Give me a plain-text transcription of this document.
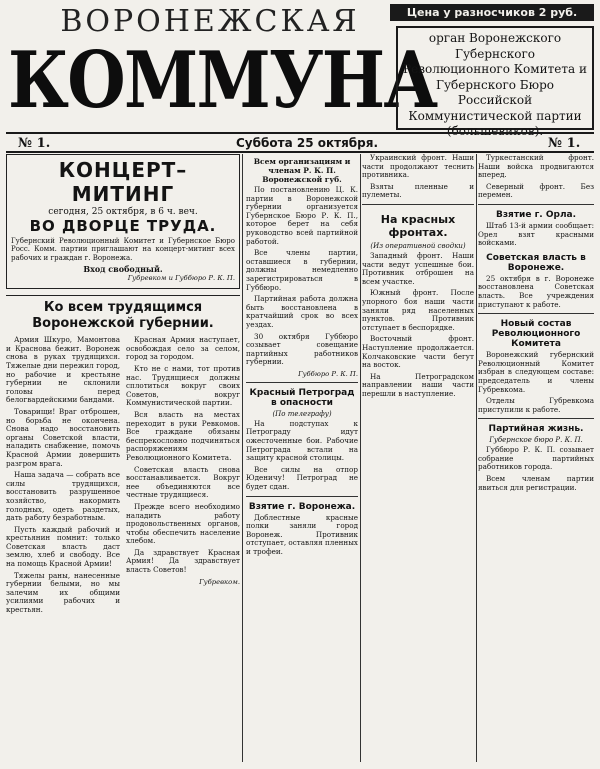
ВОРОНЕЖСКАЯ
КОММУНА
Цена у разносчиков 2 руб.
орган Воронежского Губернского Революционного Комитета и Губернского Бюро Российской Коммунистической партии (большевиков).
№ 1.	Суббота 25 октября.	№ 1.
КОНЦЕРТ–МИТИНГ
сегодня, 25 октября, в 6 ч. веч.
ВО ДВОРЦЕ ТРУДА.
Губернский Революционный Комитет и Губернское Бюро Росс. Комм. партии приглашают на концерт-митинг всех рабочих и граждан г. Воронежа.
Вход свободный.
Губревком и Губбюро Р. К. П.
Ко всем трудящимся Воронежской губернии.

Армия Шкуро, Мамонтова и Краснова бежит. Воронеж снова в руках трудящихся. Тяжелые дни пережил город, но рабочие и крестьяне губернии не склонили головы перед белогвардейскими бандами.

Товарищи! Враг отброшен, но борьба не окончена. Снова надо восстановить органы Советской власти, наладить снабжение, помочь Красной Армии довершить разгром врага.

Наша задача — собрать все силы трудящихся, восстановить разрушенное хозяйство, накормить голодных, одеть раздетых, дать работу безработным.

Пусть каждый рабочий и крестьянин помнит: только Советская власть даст землю, хлеб и свободу. Все на помощь Красной Армии!

Тяжелы раны, нанесенные губернии белыми, но мы залечим их общими усилиями рабочих и крестьян.

Красная Армия наступает, освобождая село за селом, город за городом.

Кто не с нами, тот против нас. Трудящиеся должны сплотиться вокруг своих Советов, вокруг Коммунистической партии.

Вся власть на местах переходит в руки Ревкомов. Все граждане обязаны беспрекословно подчиняться распоряжениям Революционного Комитета.

Советская власть снова восстанавливается. Вокруг нее объединяются все честные трудящиеся.

Прежде всего необходимо наладить работу продовольственных органов, чтобы обеспечить население хлебом.

Да здравствует Красная Армия! Да здравствует власть Советов!

Губревком.
Всем организациям и членам Р. К. П. Воронежской губ.

По постановлению Ц. К. партии в Воронежской губернии организуется Губернское Бюро Р. К. П., которое берет на себя руководство всей партийной работой.

Все члены партии, оставшиеся в губернии, должны немедленно зарегистрироваться в Губбюро.

Партийная работа должна быть восстановлена в кратчайший срок во всех уездах.

30 октября Губбюро созывает совещание партийных работников губернии.

Губбюро Р. К. П.
Красный Петроград в опасности
(По телеграфу)

На подступах к Петрограду идут ожесточенные бои. Рабочие Петрограда встали на защиту красной столицы.

Все силы на отпор Юденичу! Петроград не будет сдан.

Взятие г. Воронежа.

Доблестные красные полки заняли город Воронеж. Противник отступает, оставляя пленных и трофеи.

Украинский фронт. Наши части продолжают теснить противника.

Взяты пленные и пулеметы.

На красных фронтах.
(Из оперативной сводки)

Западный фронт. Наши части ведут успешные бои. Противник отброшен на всем участке.

Южный фронт. После упорного боя наши части заняли ряд населенных пунктов. Противник отступает в беспорядке.

Восточный фронт. Наступление продолжается. Колчаковские части бегут на восток.

На Петроградском направлении наши части перешли в наступление.

Туркестанский фронт. Наши войска продвигаются вперед.

Северный фронт. Без перемен.

Взятие г. Орла.

Штаб 13-й армии сообщает: Орел взят красными войсками.

Советская власть в Воронеже.

25 октября в г. Воронеже восстановлена Советская власть. Все учреждения приступают к работе.

Новый состав Революционного Комитета

Воронежский губернский Революционный Комитет избран в следующем составе: председатель и члены Губревкома.

Отделы Губревкома приступили к работе.

Партийная жизнь.
Губернское бюро Р. К. П.

Губбюро Р. К. П. созывает собрание партийных работников города.

Всем членам партии явиться для регистрации.
